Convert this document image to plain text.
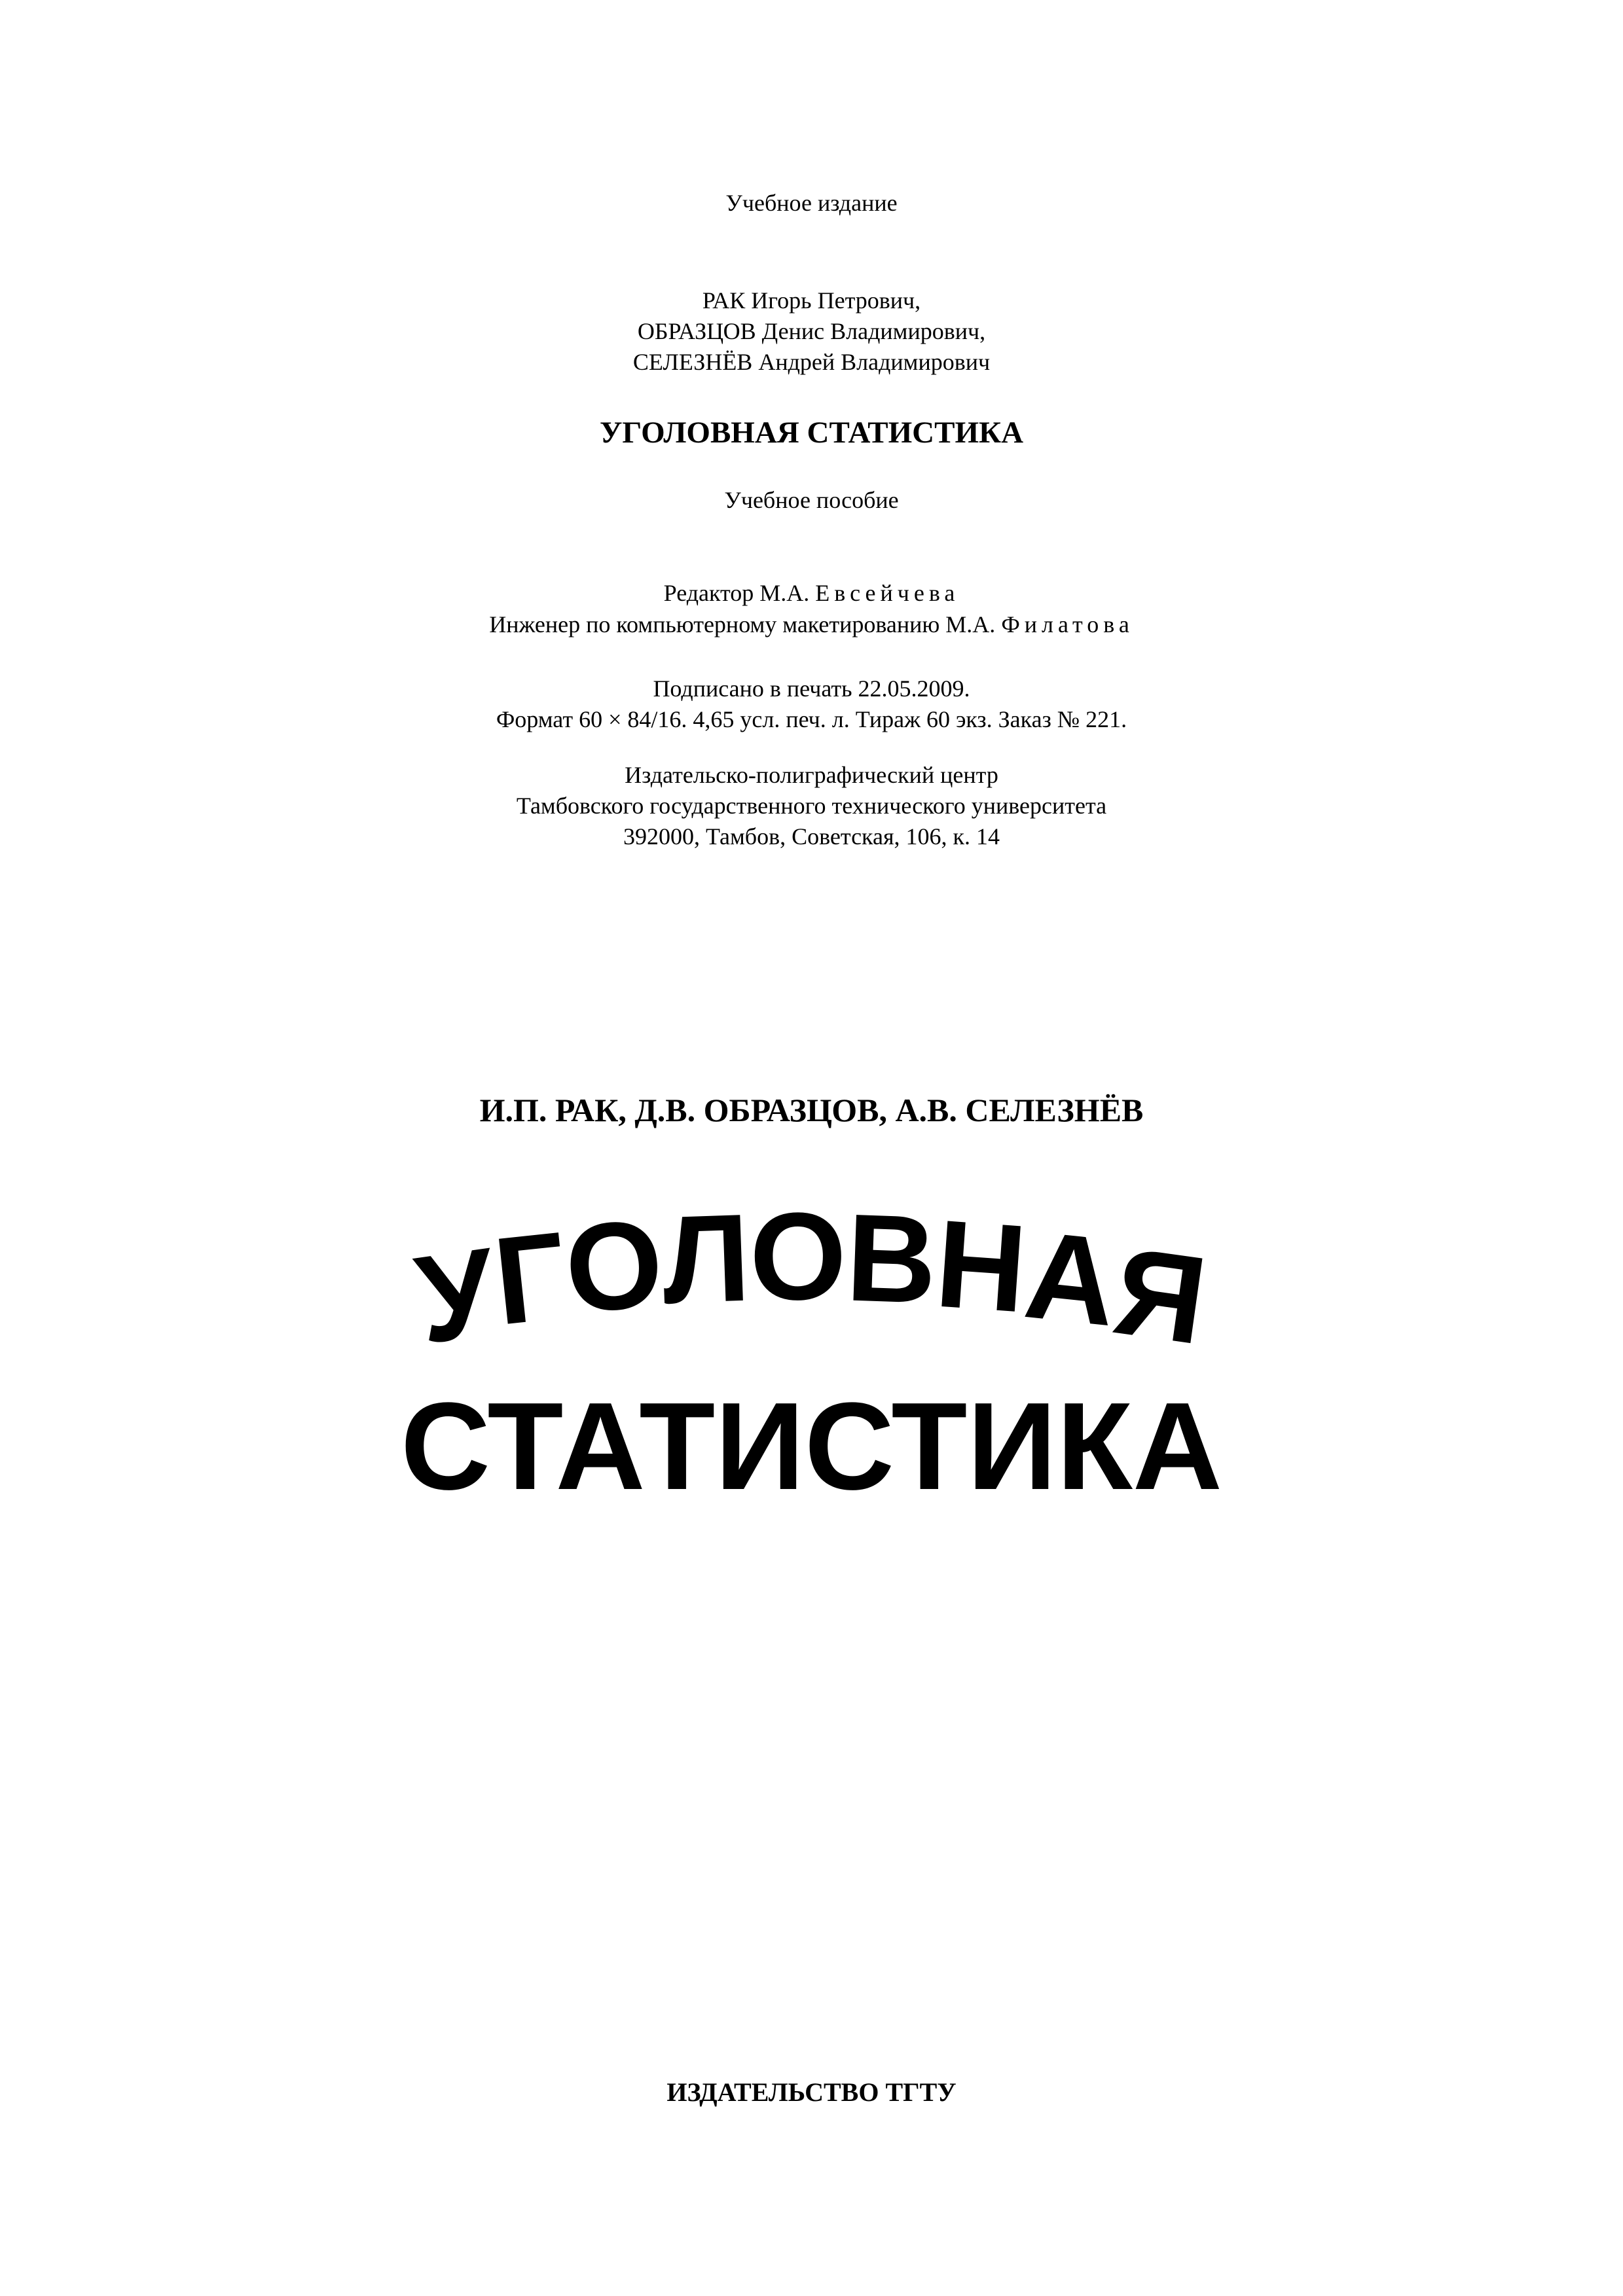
Учебное издание
РАК Игорь Петрович,
ОБРАЗЦОВ Денис Владимирович,
СЕЛЕЗНЁВ Андрей Владимирович
УГОЛОВНАЯ СТАТИСТИКА
Учебное пособие
Редактор М.А. Евсейчева
Инженер по компьютерному макетированию М.А. Филатова
Подписано в печать 22.05.2009.
Формат 60 × 84/16. 4,65 усл. печ. л. Тираж 60 экз. Заказ № 221.
Издательско-полиграфический центр
Тамбовского государственного технического университета
392000, Тамбов, Советская, 106, к. 14
И.П. РАК, Д.В. ОБРАЗЦОВ, А.В. СЕЛЕЗНЁВ
УГОЛОВНАЯ
СТАТИСТИКА
ИЗДАТЕЛЬСТВО ТГТУ
